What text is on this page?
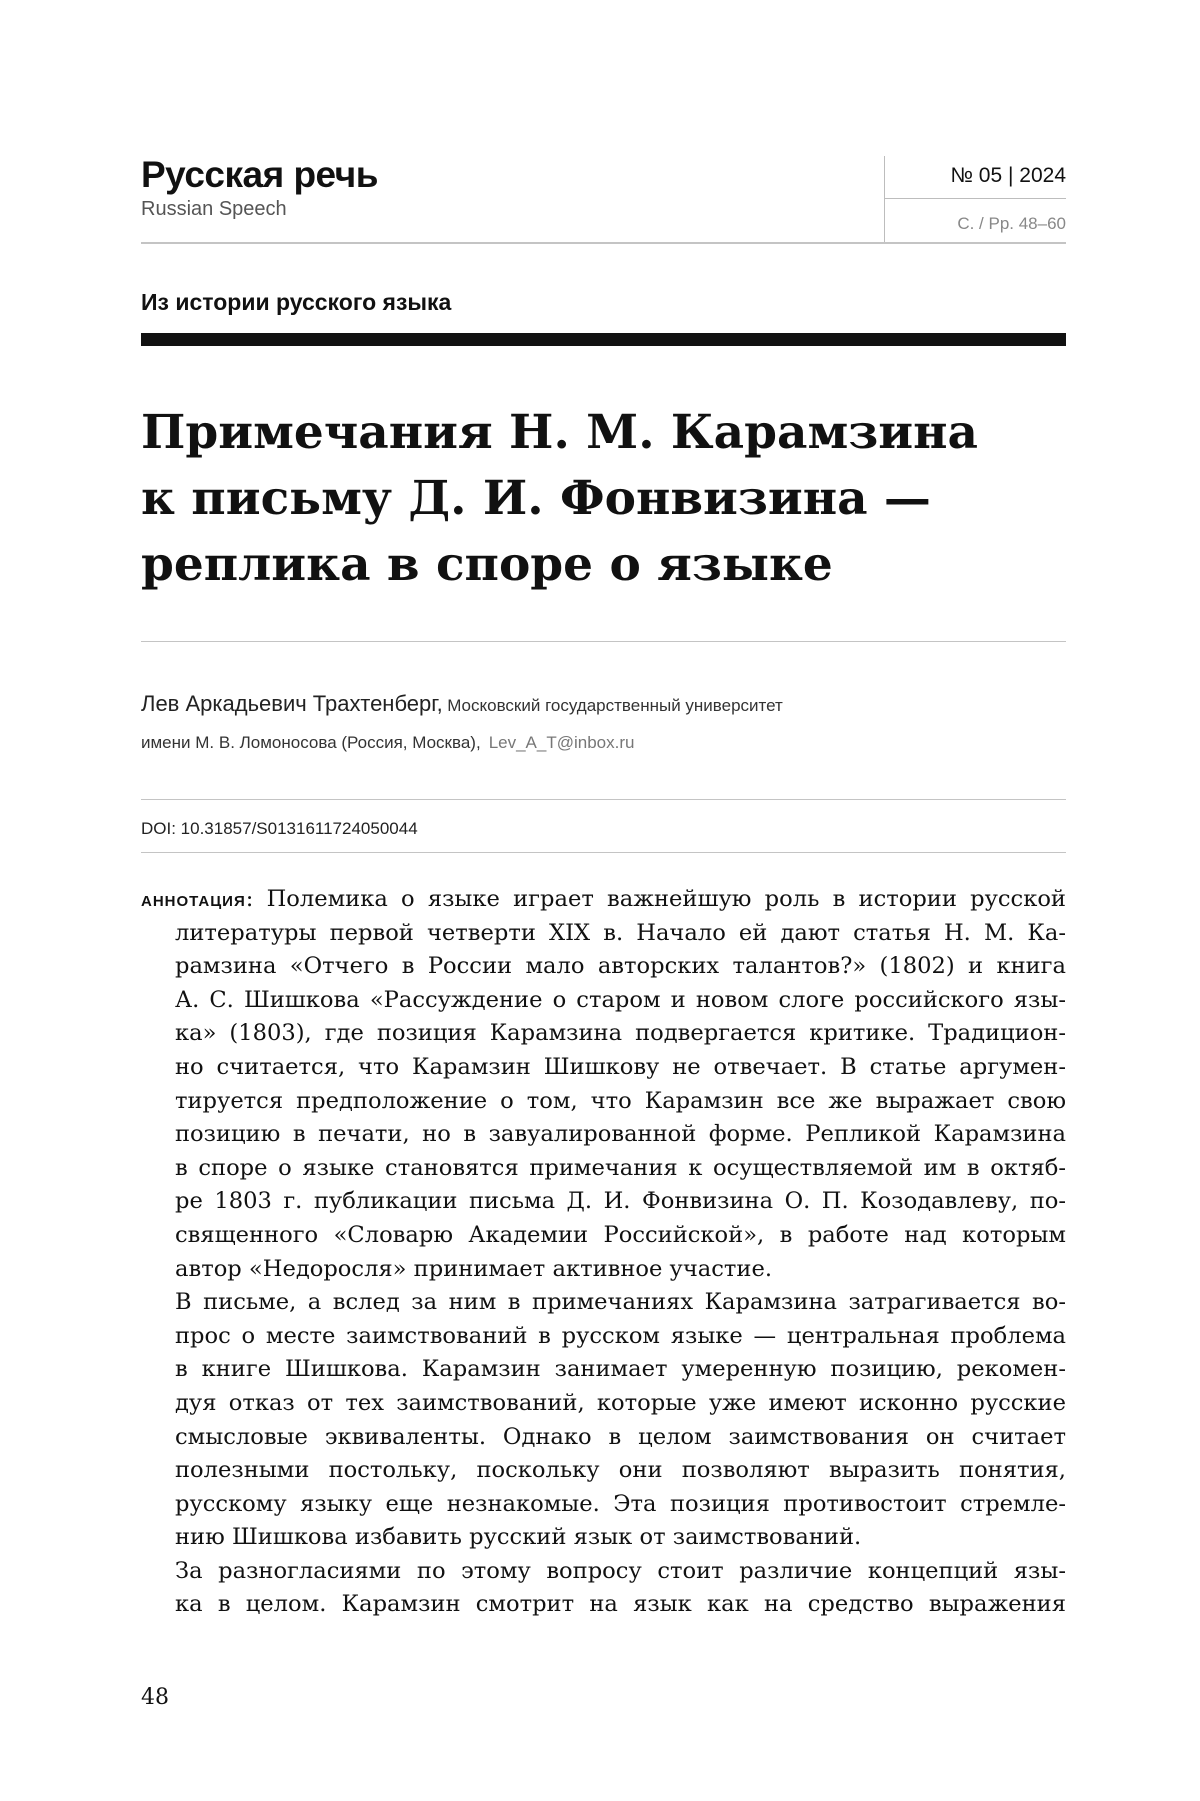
Русская речь
Russian Speech
№ 05 | 2024
С. / Pp. 48–60
Из истории русского языка
Примечания Н. М. Карамзина
к письму Д. И. Фонвизина —
реплика в споре о языке
Лев Аркадьевич Трахтенберг, Московский государственный университет
имени М. В. Ломоносова (Россия, Москва), Lev_A_T@inbox.ru
DOI: 10.31857/S0131611724050044
АННОТАЦИЯ: Полемика о языке играет важнейшую роль в истории русской
литературы первой четверти XIX в. Начало ей дают статья Н. М. Ка-
рамзина «Отчего в России мало авторских талантов?» (1802) и книга
А. С. Шишкова «Рассуждение о старом и новом слоге российского язы-
ка» (1803), где позиция Карамзина подвергается критике. Традицион-
но считается, что Карамзин Шишкову не отвечает. В статье аргумен-
тируется предположение о том, что Карамзин все же выражает свою
позицию в печати, но в завуалированной форме. Репликой Карамзина
в споре о языке становятся примечания к осуществляемой им в октяб-
ре 1803 г. публикации письма Д. И. Фонвизина О. П. Козодавлеву, по-
священного «Словарю Академии Российской», в работе над которым
автор «Недоросля» принимает активное участие.
В письме, а вслед за ним в примечаниях Карамзина затрагивается во-
прос о месте заимствований в русском языке — центральная проблема
в книге Шишкова. Карамзин занимает умеренную позицию, рекомен-
дуя отказ от тех заимствований, которые уже имеют исконно русские
смысловые эквиваленты. Однако в целом заимствования он считает
полезными постольку, поскольку они позволяют выразить понятия,
русскому языку еще незнакомые. Эта позиция противостоит стремле-
нию Шишкова избавить русский язык от заимствований.
За разногласиями по этому вопросу стоит различие концепций язы-
ка в целом. Карамзин смотрит на язык как на средство выражения
48
